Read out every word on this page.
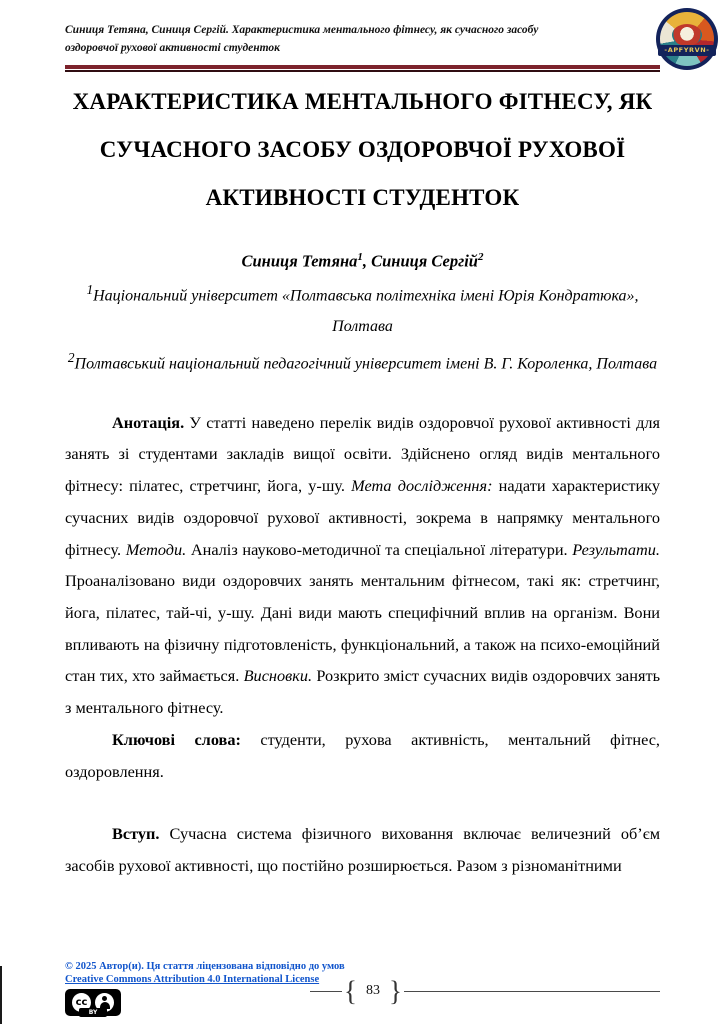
Синиця Тетяна, Синиця Сергій. Характеристика ментального фітнесу, як сучасного засобу оздоровчої рухової активності студенток	-APFYRVN-
ХАРАКТЕРИСТИКА МЕНТАЛЬНОГО ФІТНЕСУ, ЯК СУЧАСНОГО ЗАСОБУ ОЗДОРОВЧОЇ РУХОВОЇ АКТИВНОСТІ СТУДЕНТОК
Синиця Тетяна$^1$, Синиця Сергій$^2$
$^1$Національний університет «Полтавська політехніка імені Юрія Кондратюка», Полтава
$^2$Полтавський національний педагогічний університет імені В. Г. Короленка, Полтава

Анотація. У статті наведено перелік видів оздоровчої рухової активності для занять зі студентами закладів вищої освіти. Здійснено огляд видів ментального фітнесу: пілатес, стретчинг, йога, у-шу. Мета дослідження: надати характеристику сучасних видів оздоровчої рухової активності, зокрема в напрямку ментального фітнесу. Методи. Аналіз науково-методичної та спеціальної літератури. Результати. Проаналізовано види оздоровчих занять ментальним фітнесом, такі як: стретчинг, йога, пілатес, тай-чі, у-шу. Дані види мають специфічний вплив на організм. Вони впливають на фізичну підготовленість, функціональний, а також на психо-емоційний стан тих, хто займається. Висновки. Розкрито зміст сучасних видів оздоровчих занять з ментального фітнесу.

Ключові слова: студенти, рухова активність, ментальний фітнес, оздоровлення.

Вступ. Сучасна система фізичного виховання включає величезний об’єм засобів рухової активності, що постійно розширюється. Разом з різноманітними

© 2025 Автор(и). Ця стаття ліцензована відповідно до умов
Creative Commons Attribution 4.0 International License
cc
BY
{ 83 }
